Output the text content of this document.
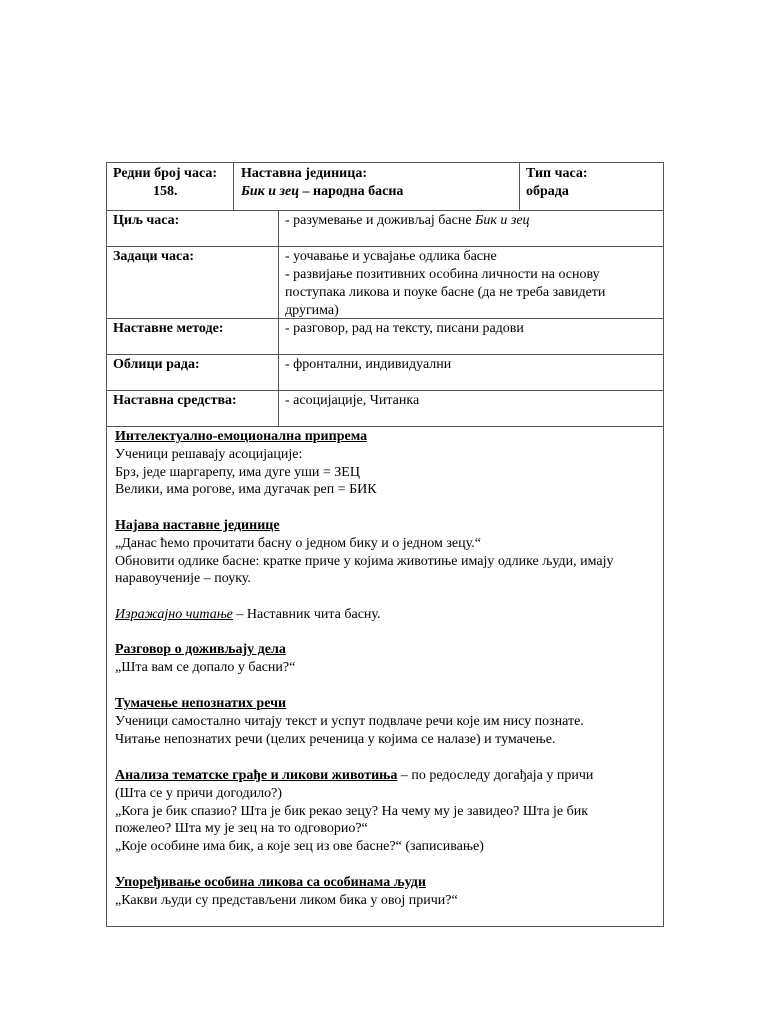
Редни број часа:
158.
Наставна јединица:
Бик и зец – народна басна
Тип часа:
обрада
Циљ часа:	- разумевање и доживљај басне Бик и зец
Задаци часа:	- уочавање и усвајање одлика басне
- развијање позитивних особина личности на основу
поступака ликова и поуке басне (да не треба завидети
другима)
Наставне методе:	- разговор, рад на тексту, писани радови
Облици рада:	- фронтални, индивидуални
Наставна средства:	- асоцијације, Читанка
Интелектуално-емоционална припрема
Ученици решавају асоцијације:
Брз, једе шаргарепу, има дуге уши = ЗЕЦ
Велики, има рогове, има дугачак реп = БИК
Најава наставне јединице
„Данас ћемо прочитати басну о једном бику и о једном зецу.“
Обновити одлике басне: кратке приче у којима животиње имају одлике људи, имају
наравоученије – поуку.
Изражајно читање – Наставник чита басну.
Разговор о доживљају дела
„Шта вам се допало у басни?“
Тумачење непознатих речи
Ученици самостално читају текст и успут подвлаче речи које им нису познате.
Читање непознатих речи (целих реченица у којима се налазе) и тумачење.
Анализа тематске грађе и ликови животиња – по редоследу догађаја у причи
(Шта се у причи догодило?)
„Кога је бик спазио? Шта је бик рекао зецу? На чему му је завидео? Шта је бик
пожелео? Шта му је зец на то одговорио?“
„Које особине има бик, а које зец из ове басне?“ (записивање)
Упоређивање особина ликова са особинама људи
„Какви људи су представљени ликом бика у овој причи?“
